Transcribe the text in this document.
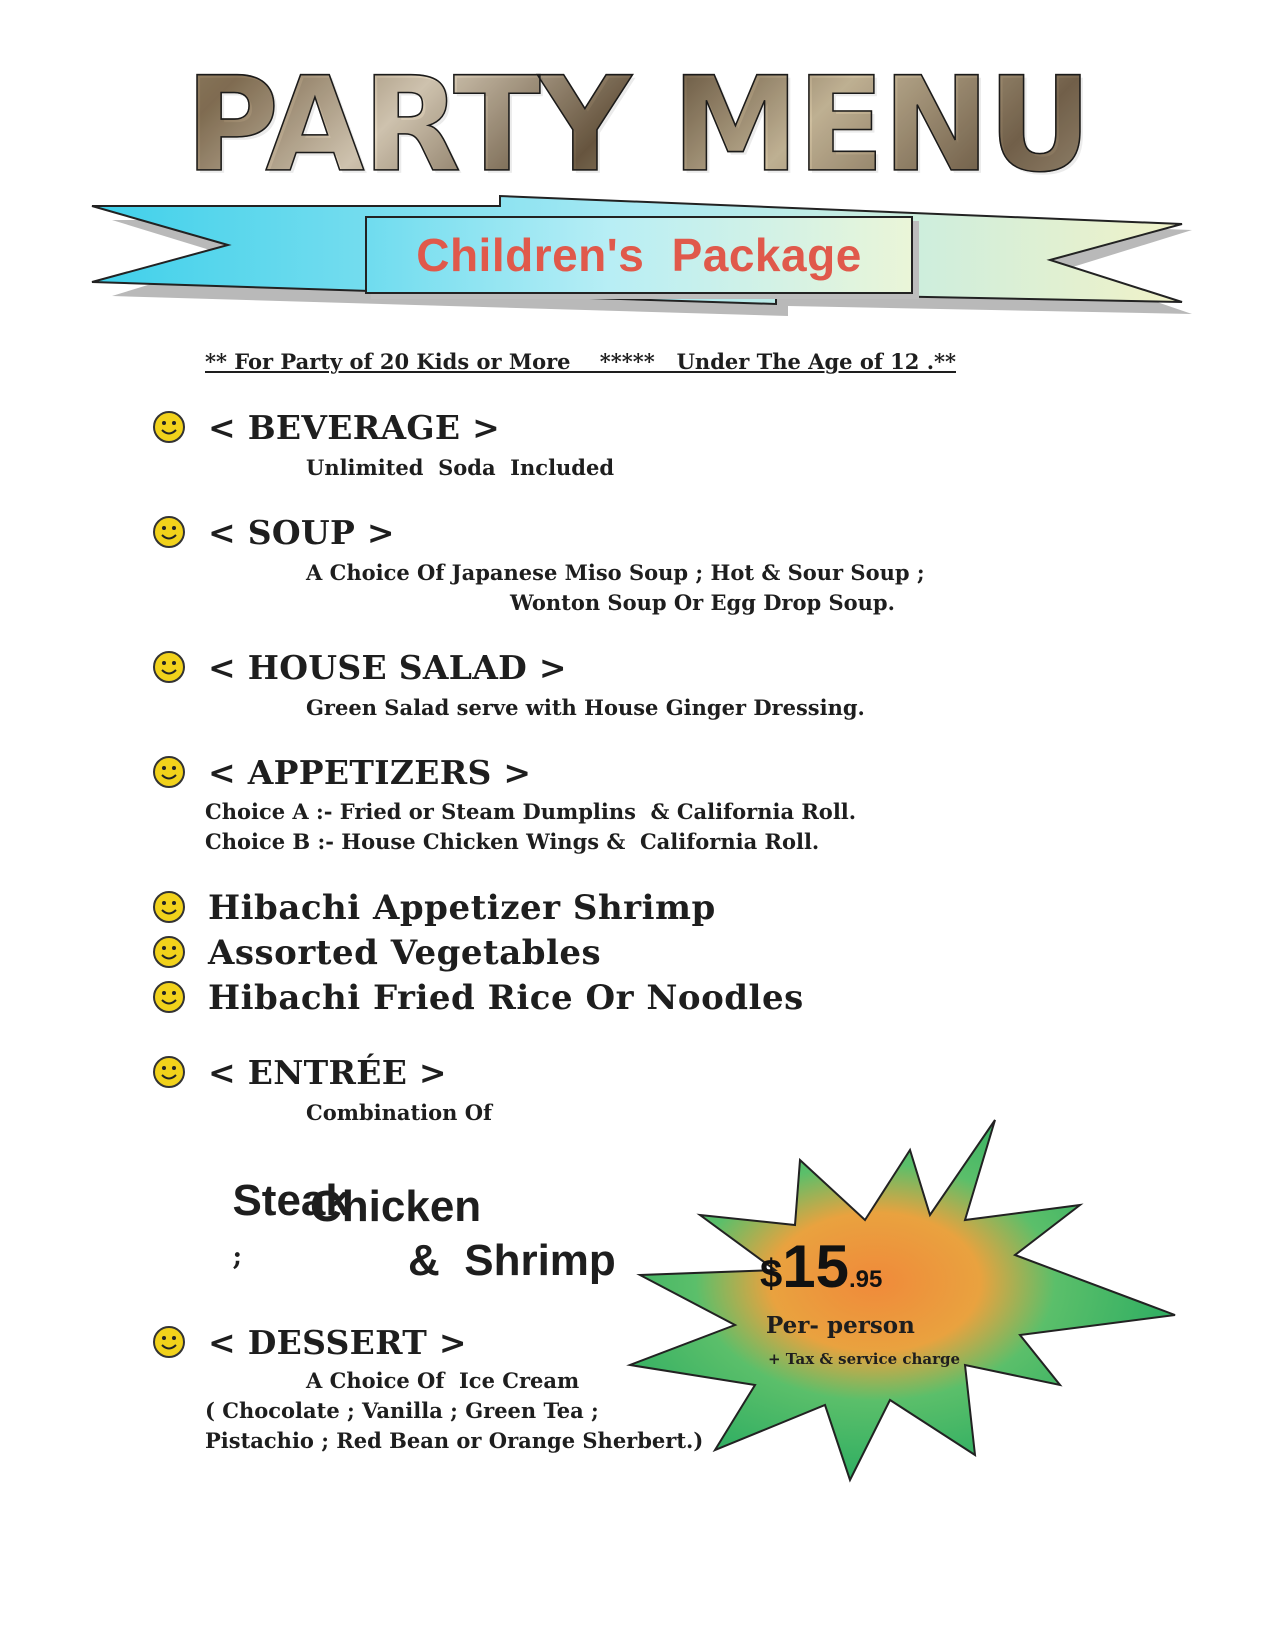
PARTY MENU
Children's Package
** For Party of 20 Kids or More    *****   Under The Age of 12 .**
< BEVERAGE >
Unlimited  Soda  Included
< SOUP >
A Choice Of Japanese Miso Soup ; Hot & Sour Soup ;
Wonton Soup Or Egg Drop Soup.
< HOUSE SALAD >
Green Salad serve with House Ginger Dressing.
< APPETIZERS >
Choice A :- Fried or Steam Dumplins  & California Roll.
Choice B :- House Chicken Wings &  California Roll.
Hibachi Appetizer Shrimp
Assorted Vegetables
Hibachi Fried Rice Or Noodles
< ENTRÉE >
Combination Of

Steak
;

Chicken
&  Shrimp
< DESSERT >
A Choice Of  Ice Cream
( Chocolate ; Vanilla ; Green Tea ;
Pistachio ; Red Bean or Orange Sherbert.)
$15.95
Per- person
+ Tax & service charge
